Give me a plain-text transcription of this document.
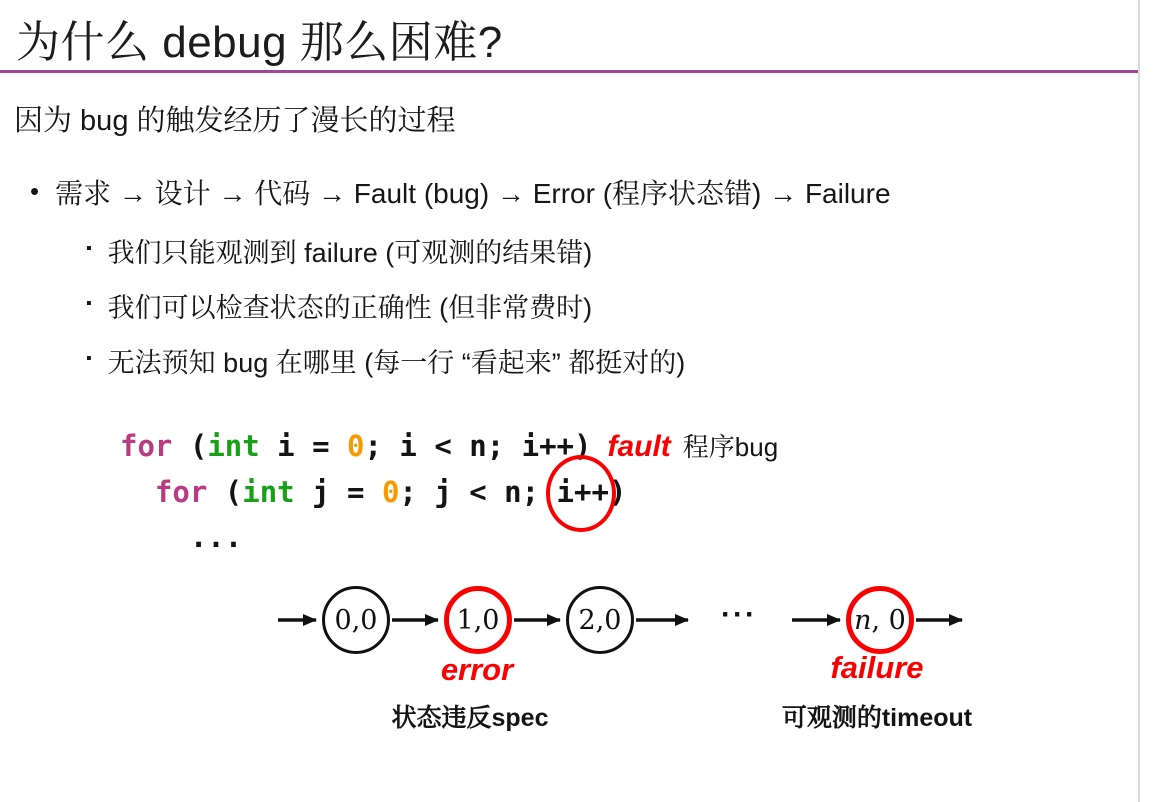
为什么 debug 那么困难?

因为 bug 的触发经历了漫长的过程

• 需求 → 设计 → 代码 → Fault (bug) → Error (程序状态错) → Failure
▪ 我们只能观测到 failure (可观测的结果错)
▪ 我们可以检查状态的正确性 (但非常费时)
▪ 无法预知 bug 在哪里 (每一行 “看起来” 都挺对的)
for (int i = 0; i < n; i++) fault 程序bug
for (int j = 0; j < n; i++
)
...
0,0	1,0	2,0	···	n , 0
error	failure
状态违反spec	可观测的timeout
